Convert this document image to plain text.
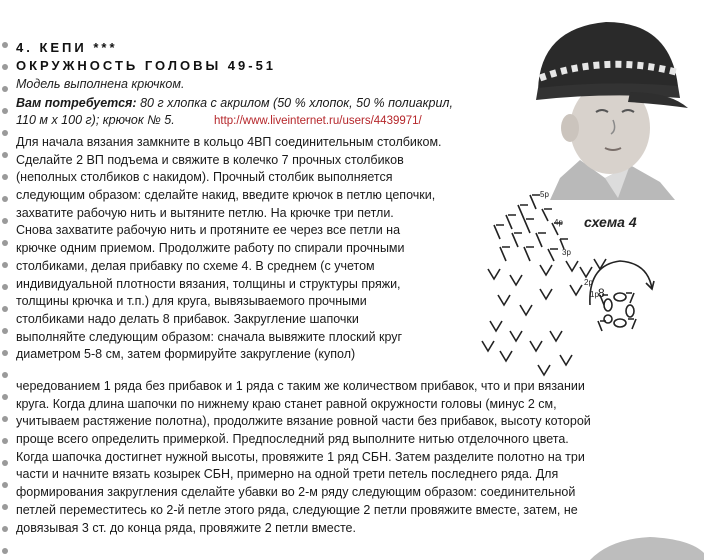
4. КЕПИ ***
ОКРУЖНОСТЬ ГОЛОВЫ 49-51
Модель выполнена крючком.
Вам потребуется: 80 г хлопка с акрилом (50 % хлопок, 50 % полиакрил,
110 м х 100 г); крючок № 5.	http://www.liveinternet.ru/users/4439971/
Для начала вязания замкните в кольцо 4ВП соединительным столбиком.
Сделайте 2 ВП подъема и свяжите в колечко 7 прочных столбиков
(неполных столбиков с накидом). Прочный столбик выполняется
следующим образом: сделайте накид, введите крючок в петлю цепочки,
захватите рабочую нить и вытяните петлю. На крючке три петли.
Снова захватите рабочую нить и протяните ее через все петли на
крючке одним приемом. Продолжите работу по спирали прочными
столбиками, делая прибавку по схеме 4. В среднем (с учетом
индивидуальной плотности вязания, толщины и структуры пряжи,
толщины крючка и т.п.) для круга, вывязываемого прочными
столбиками надо делать 8 прибавок. Закругление шапочки
выполняйте следующим образом: сначала вывяжите плоский круг
диаметром 5-8 см, затем формируйте закругление (купол)
чередованием 1 ряда без прибавок и 1 ряда с таким же количеством прибавок, что и при вязании
круга. Когда длина шапочки по нижнему краю станет равной окружности головы (минус 2 см,
учитываем растяжение полотна), продолжите вязание ровной части без прибавок, высоту которой
проще всего определить примеркой. Предпоследний ряд выполните нитью отделочного цвета.
Когда шапочка достигнет нужной высоты, провяжите 1 ряд СБН. Затем разделите полотно на три
части и начните вязать козырек СБН, примерно на одной трети петель последнего ряда. Для
формирования закругления сделайте убавки во 2-м ряду следующим образом: соединительной
петлей переместитесь ко 2-й петле этого ряда, следующие 2 петли провяжите вместе, затем, не
довязывая 3 ст. до конца ряда, провяжите 2 петли вместе.
схема 4
5р
4р
3р
2р
1р 8
